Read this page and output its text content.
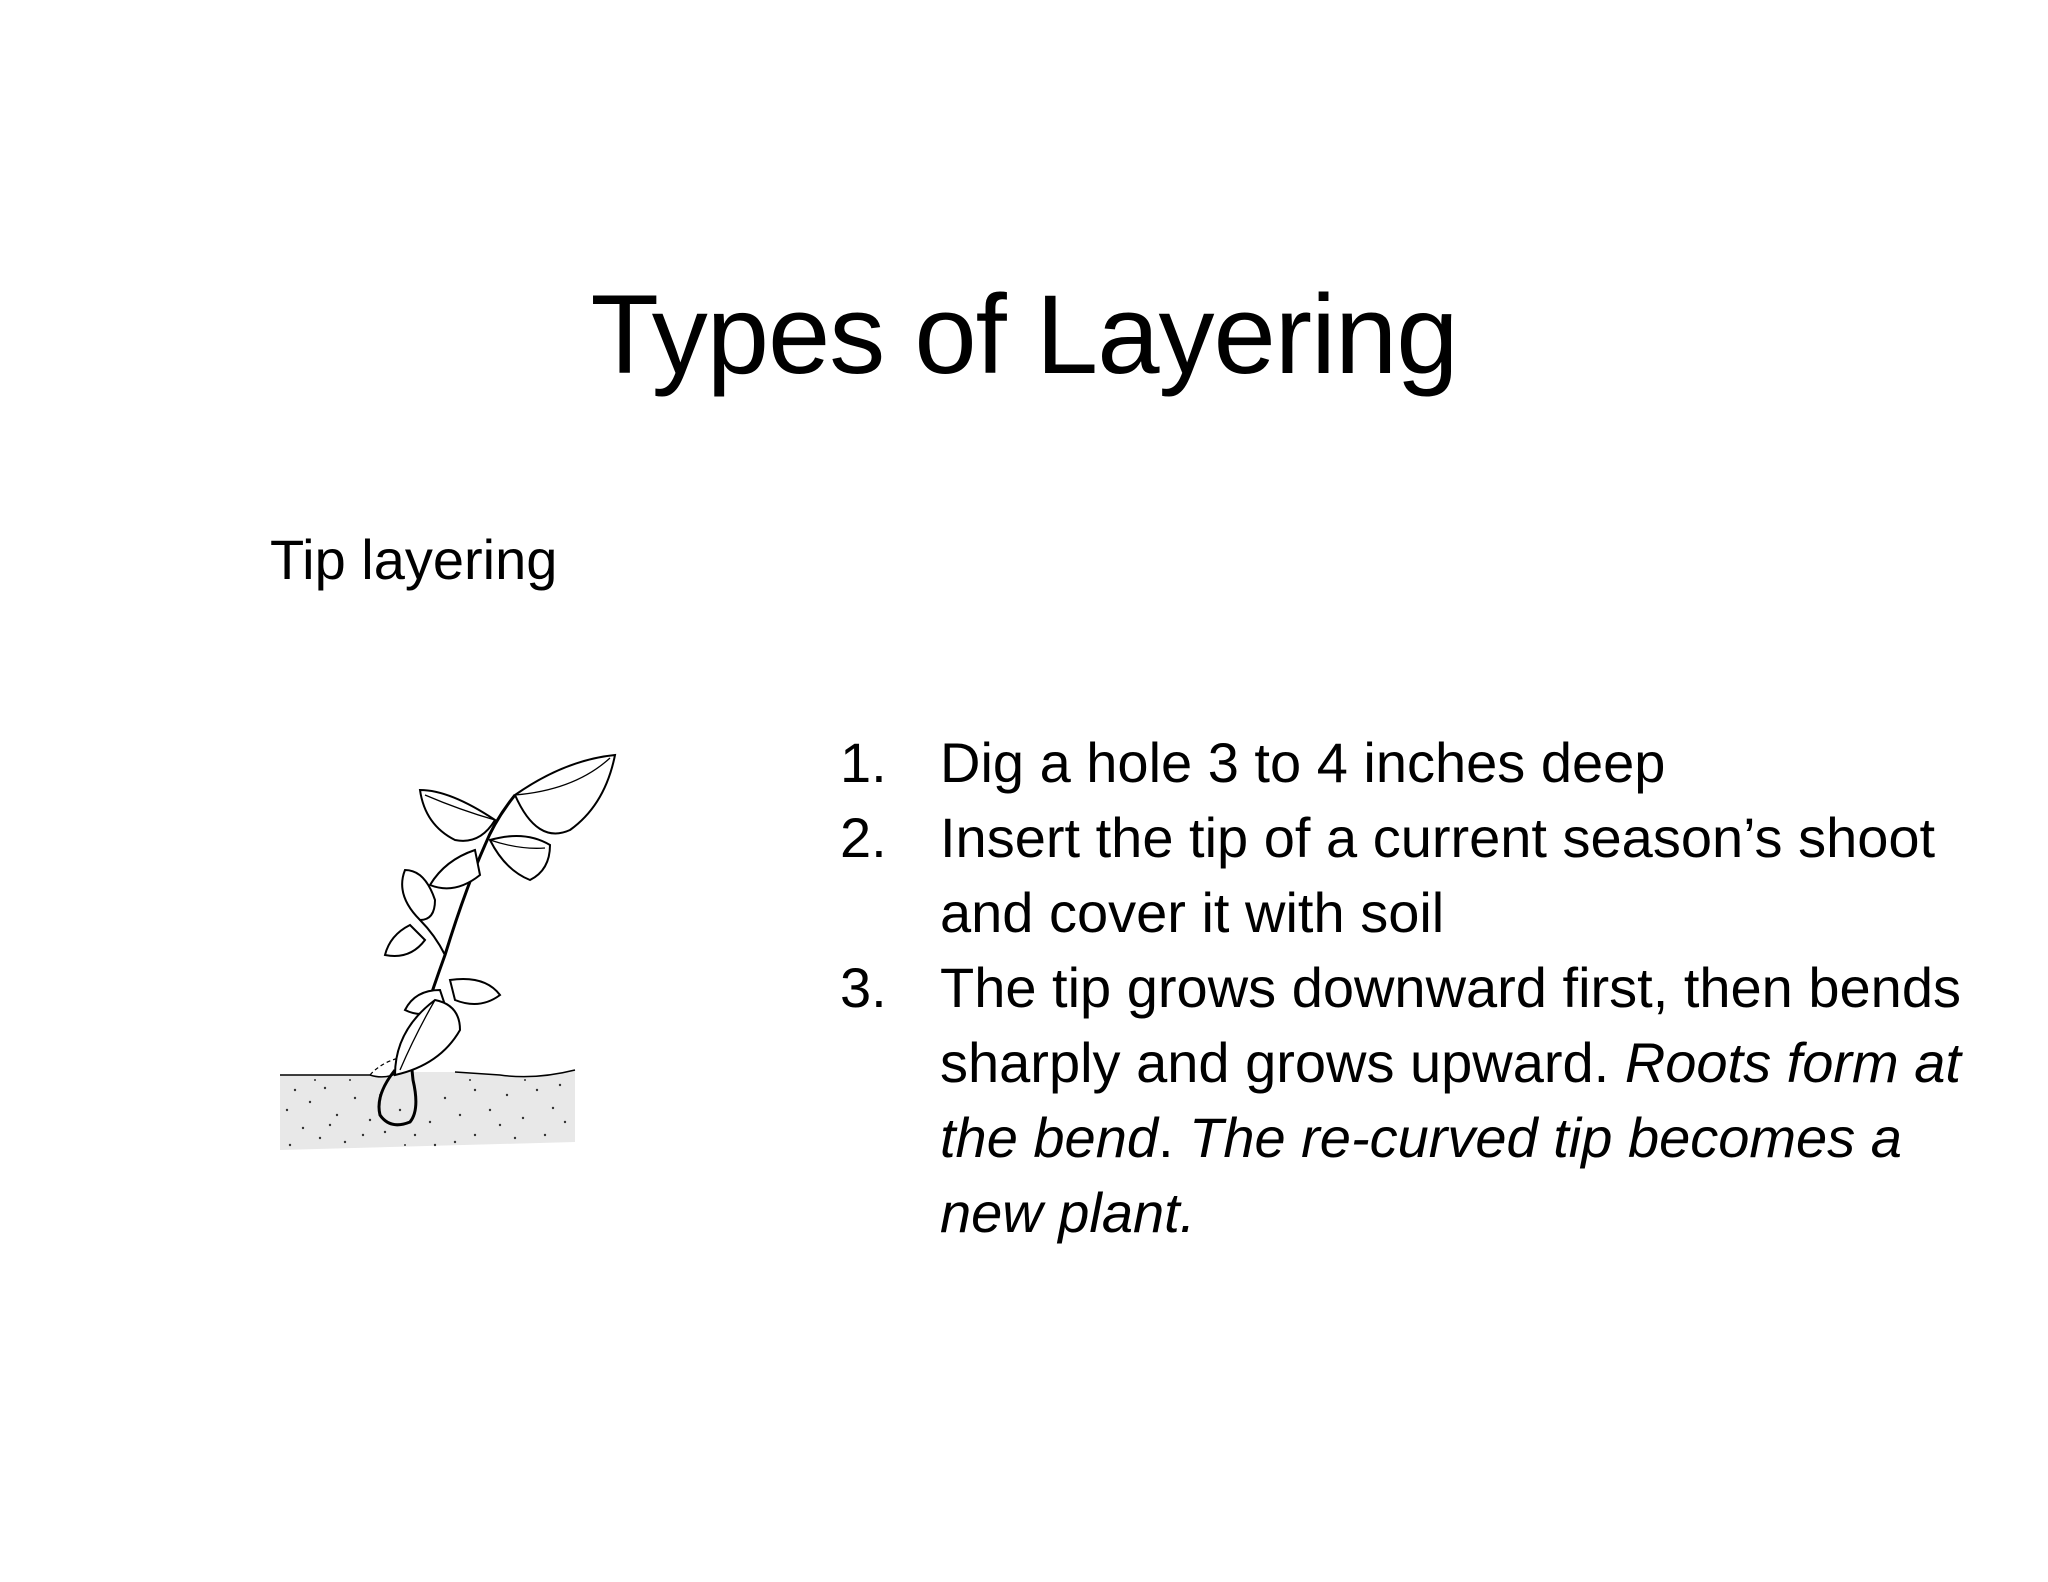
Types of Layering
Tip layering
1. Dig a hole 3 to 4 inches deep
2. Insert the tip of a current season’s shoot and cover it with soil
3. The tip grows downward first, then bends sharply and grows upward. Roots form at the bend. The re-curved tip becomes a new plant.
